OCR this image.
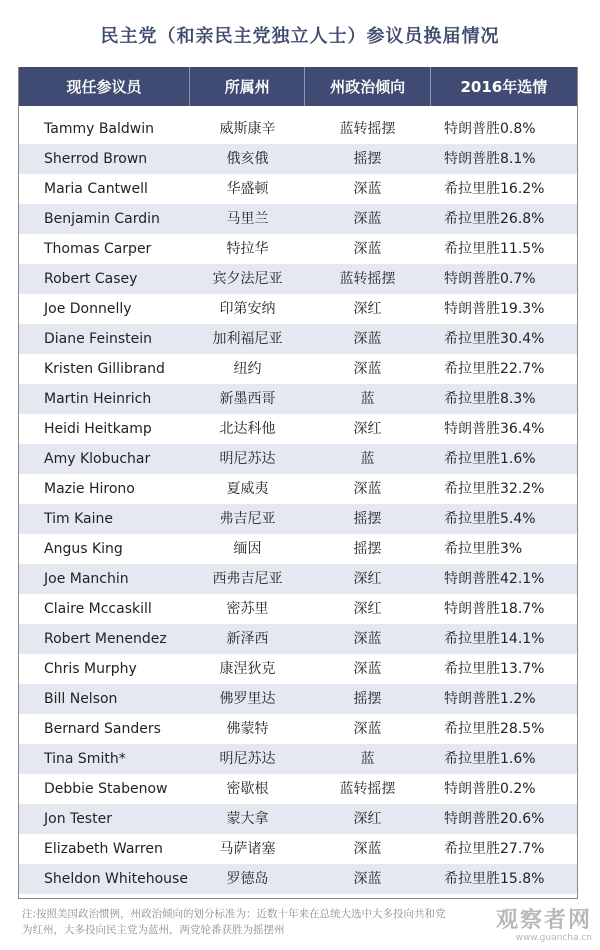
民主党（和亲民主党独立人士）参议员换届情况
现任参议员	所属州	州政治倾向	2016年选情
Tammy Baldwin	威斯康辛	蓝转摇摆	特朗普胜0.8%
Sherrod Brown	俄亥俄	摇摆	特朗普胜8.1%
Maria Cantwell	华盛顿	深蓝	希拉里胜16.2%
Benjamin Cardin	马里兰	深蓝	希拉里胜26.8%
Thomas Carper	特拉华	深蓝	希拉里胜11.5%
Robert Casey	宾夕法尼亚	蓝转摇摆	特朗普胜0.7%
Joe Donnelly	印第安纳	深红	特朗普胜19.3%
Diane Feinstein	加利福尼亚	深蓝	希拉里胜30.4%
Kristen Gillibrand	纽约	深蓝	希拉里胜22.7%
Martin Heinrich	新墨西哥	蓝	希拉里胜8.3%
Heidi Heitkamp	北达科他	深红	特朗普胜36.4%
Amy Klobuchar	明尼苏达	蓝	希拉里胜1.6%
Mazie Hirono	夏威夷	深蓝	希拉里胜32.2%
Tim Kaine	弗吉尼亚	摇摆	希拉里胜5.4%
Angus King	缅因	摇摆	希拉里胜3%
Joe Manchin	西弗吉尼亚	深红	特朗普胜42.1%
Claire Mccaskill	密苏里	深红	特朗普胜18.7%
Robert Menendez	新泽西	深蓝	希拉里胜14.1%
Chris Murphy	康涅狄克	深蓝	希拉里胜13.7%
Bill Nelson	佛罗里达	摇摆	特朗普胜1.2%
Bernard Sanders	佛蒙特	深蓝	希拉里胜28.5%
Tina Smith*	明尼苏达	蓝	希拉里胜1.6%
Debbie Stabenow	密歇根	蓝转摇摆	特朗普胜0.2%
Jon Tester	蒙大拿	深红	特朗普胜20.6%
Elizabeth Warren	马萨诸塞	深蓝	希拉里胜27.7%
Sheldon Whitehouse	罗德岛	深蓝	希拉里胜15.8%
注:按照美国政治惯例，州政治倾向的划分标准为：近数十年来在总统大选中大多投向共和党
为红州，大多投向民主党为蓝州，两党轮番获胜为摇摆州	观察者网
www.guancha.cn
